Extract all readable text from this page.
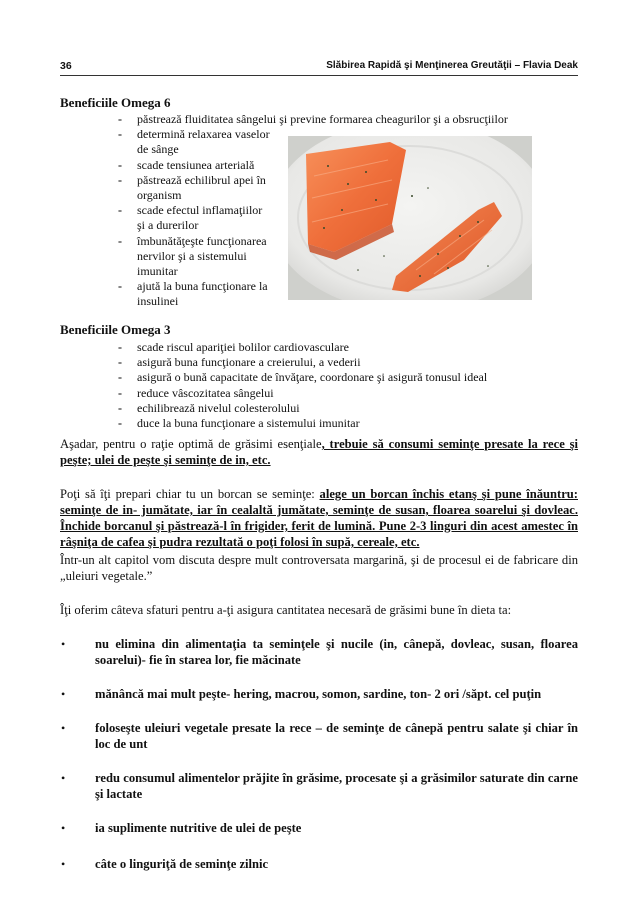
36	Slăbirea Rapidă şi Menţinerea Greutăţii – Flavia Deak
Beneficiile Omega 6
- păstrează fluiditatea sângelui şi previne formarea cheagurilor şi a obsrucţiilor
- determină relaxarea vaselor
de sânge
- scade tensiunea arterială
- păstrează echilibrul apei în
organism
- scade efectul inflamaţiilor
şi a durerilor
- îmbunătăţeşte funcţionarea
nervilor şi a sistemului
imunitar
- ajută la buna funcţionare la
insulinei
Beneficiile Omega 3
- scade riscul apariţiei bolilor cardiovasculare
- asigură buna funcţionare a creierului, a vederii
- asigură o bună capacitate de învăţare, coordonare şi asigură tonusul ideal
- reduce vâscozitatea sângelui
- echilibrează nivelul colesterolului
- duce la buna funcţionare a sistemului imunitar
Aşadar, pentru o raţie optimă de grăsimi esenţiale, trebuie să consumi seminţe presate la rece şi peşte; ulei de peşte şi seminţe de in, etc.
Poţi să îţi prepari chiar tu un borcan se seminţe: alege un borcan închis etanş şi pune înăuntru: seminţe de in- jumătate, iar în cealaltă jumătate, seminţe de susan, floarea soarelui şi dovleac. Închide borcanul şi păstrează-l în frigider, ferit de lumină. Pune 2-3 linguri din acest amestec în râşniţa de cafea şi pudra rezultată o poţi folosi în supă, cereale, etc.
Într-un alt capitol vom discuta despre mult controversata margarină, şi de procesul ei de fabricare din „uleiuri vegetale.”
Îţi oferim câteva sfaturi pentru a-ţi asigura cantitatea necesară de grăsimi bune în dieta ta:
• nu elimina din alimentaţia ta seminţele şi nucile (in, cânepă, dovleac, susan, floarea soarelui)- fie în starea lor, fie măcinate
• mănâncă mai mult peşte- hering, macrou, somon, sardine, ton- 2 ori /săpt. cel puţin
• foloseşte uleiuri vegetale presate la rece – de seminţe de cânepă pentru salate şi chiar în loc de unt
• redu consumul alimentelor prăjite în grăsime, procesate şi a grăsimilor saturate din carne şi lactate
• ia suplimente nutritive de ulei de peşte
• câte o linguriţă de seminţe zilnic
